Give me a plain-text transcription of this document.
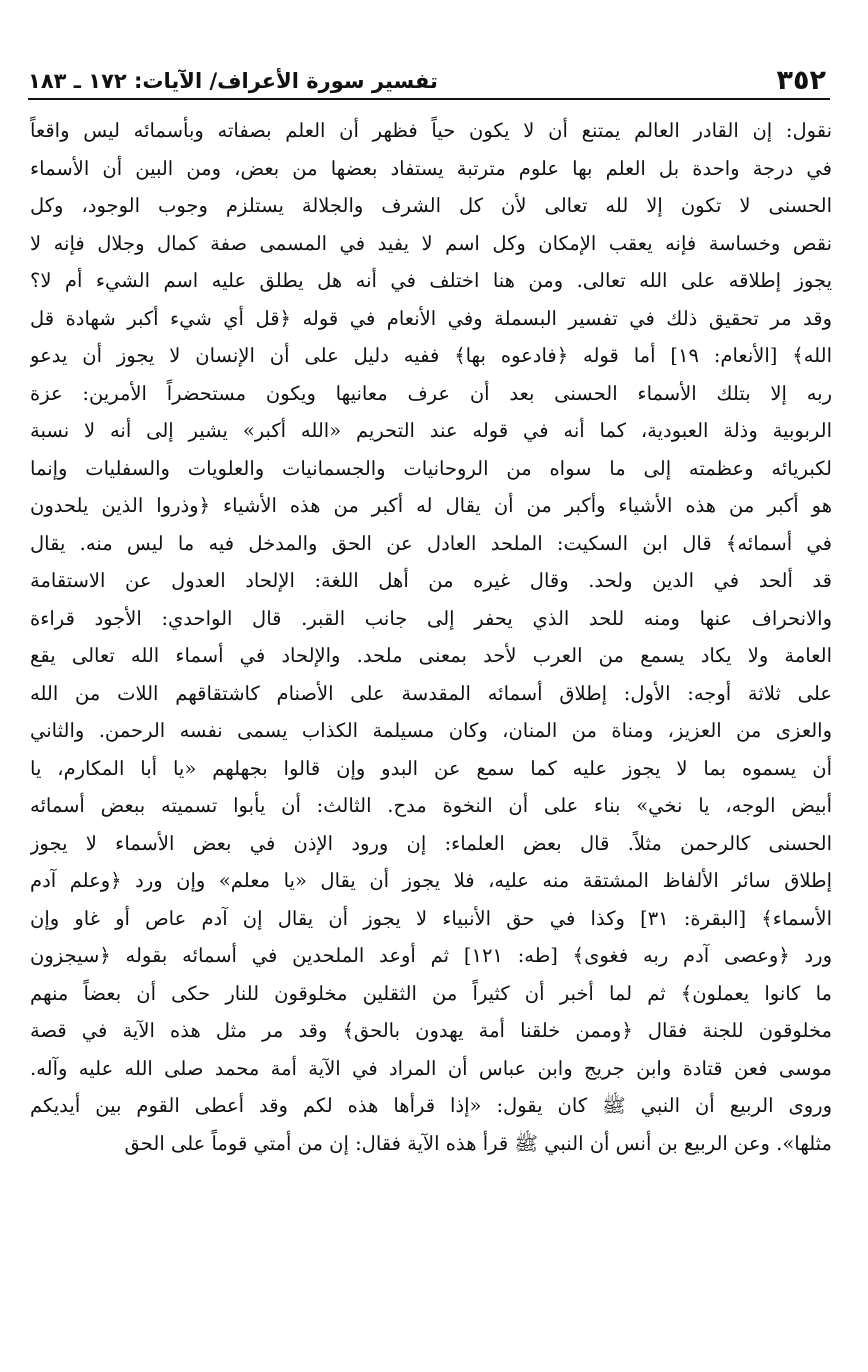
٣٥٢
تفسير سورة الأعراف/ الآيات: ١٧٢ ـ ١٨٣
نقول: إن القادر العالم يمتنع أن لا يكون حياً فظهر أن العلم بصفاته وبأسمائه ليس واقعاً
في درجة واحدة بل العلم بها علوم مترتبة يستفاد بعضها من بعض، ومن البين أن الأسماء
الحسنى لا تكون إلا لله تعالى لأن كل الشرف والجلالة يستلزم وجوب الوجود، وكل
نقص وخساسة فإنه يعقب الإمكان وكل اسم لا يفيد في المسمى صفة كمال وجلال فإنه لا
يجوز إطلاقه على الله تعالى. ومن هنا اختلف في أنه هل يطلق عليه اسم الشيء أم لا؟
وقد مر تحقيق ذلك في تفسير البسملة وفي الأنعام في قوله ﴿قل أي شيء أكبر شهادة قل
الله﴾ [الأنعام: ١٩] أما قوله ﴿فادعوه بها﴾ ففيه دليل على أن الإنسان لا يجوز أن يدعو
ربه إلا بتلك الأسماء الحسنى بعد أن عرف معانيها ويكون مستحضراً الأمرين: عزة
الربوبية وذلة العبودية، كما أنه في قوله عند التحريم «الله أكبر» يشير إلى أنه لا نسبة
لكبريائه وعظمته إلى ما سواه من الروحانيات والجسمانيات والعلويات والسفليات وإنما
هو أكبر من هذه الأشياء وأكبر من أن يقال له أكبر من هذه الأشياء ﴿وذروا الذين يلحدون
في أسمائه﴾ قال ابن السكيت: الملحد العادل عن الحق والمدخل فيه ما ليس منه. يقال
قد ألحد في الدين ولحد. وقال غيره من أهل اللغة: الإلحاد العدول عن الاستقامة
والانحراف عنها ومنه للحد الذي يحفر إلى جانب القبر. قال الواحدي: الأجود قراءة
العامة ولا يكاد يسمع من العرب لأحد بمعنى ملحد. والإلحاد في أسماء الله تعالى يقع
على ثلاثة أوجه: الأول: إطلاق أسمائه المقدسة على الأصنام كاشتقاقهم اللات من الله
والعزى من العزيز، ومناة من المنان، وكان مسيلمة الكذاب يسمى نفسه الرحمن. والثاني
أن يسموه بما لا يجوز عليه كما سمع عن البدو وإن قالوا بجهلهم «يا أبا المكارم، يا
أبيض الوجه، يا نخي» بناء على أن النخوة مدح. الثالث: أن يأبوا تسميته ببعض أسمائه
الحسنى كالرحمن مثلاً. قال بعض العلماء: إن ورود الإذن في بعض الأسماء لا يجوز
إطلاق سائر الألفاظ المشتقة منه عليه، فلا يجوز أن يقال «يا معلم» وإن ورد ﴿وعلم آدم
الأسماء﴾ [البقرة: ٣١] وكذا في حق الأنبياء لا يجوز أن يقال إن آدم عاص أو غاو وإن
ورد ﴿وعصى آدم ربه فغوى﴾ [طه: ١٢١] ثم أوعد الملحدين في أسمائه بقوله ﴿سيجزون
ما كانوا يعملون﴾ ثم لما أخبر أن كثيراً من الثقلين مخلوقون للنار حكى أن بعضاً منهم
مخلوقون للجنة فقال ﴿وممن خلقنا أمة يهدون بالحق﴾ وقد مر مثل هذه الآية في قصة
موسى فعن قتادة وابن جريج وابن عباس أن المراد في الآية أمة محمد صلى الله عليه وآله.
وروى الربيع أن النبي ﷺ كان يقول: «إذا قرأها هذه لكم وقد أعطى القوم بين أيديكم
مثلها». وعن الربيع بن أنس أن النبي ﷺ قرأ هذه الآية فقال: إن من أمتي قوماً على الحق
